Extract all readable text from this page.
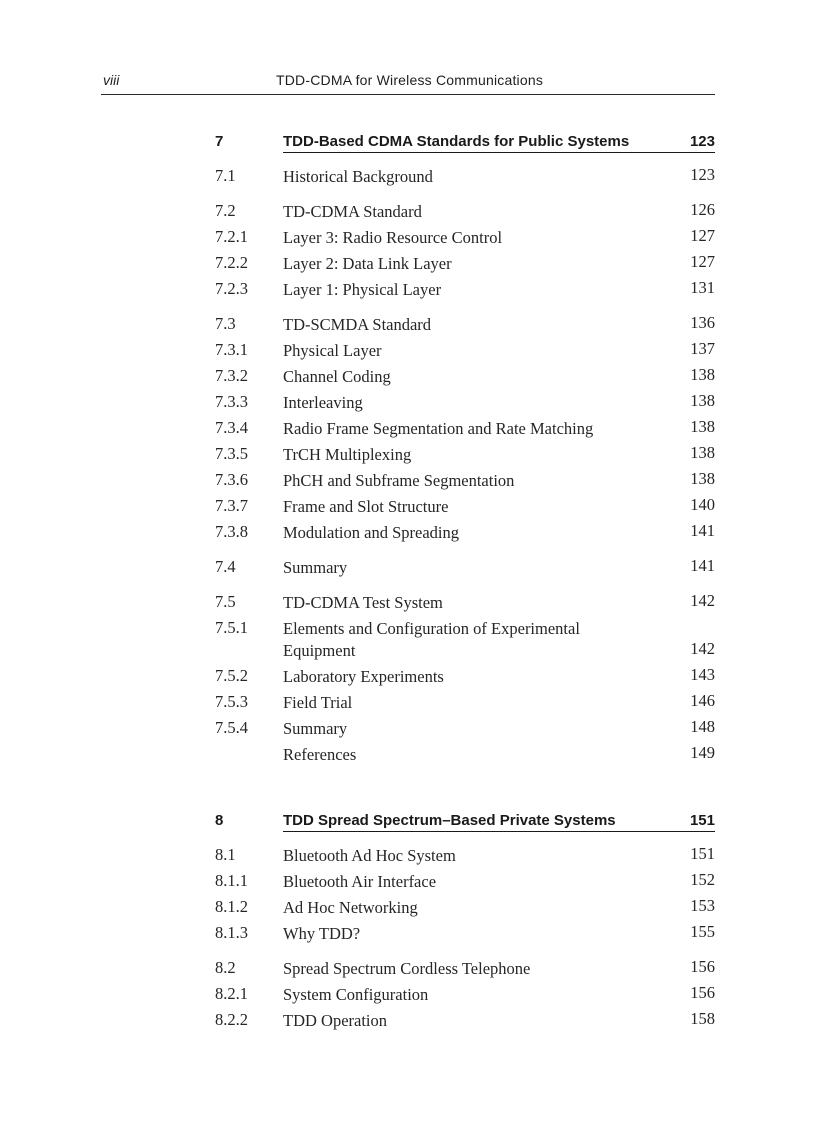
viii	TDD-CDMA for Wireless Communications
7	TDD-Based CDMA Standards for Public Systems	123
7.1	Historical Background	123
7.2	TD-CDMA Standard	126
7.2.1 Layer 3: Radio Resource Control	127
7.2.2 Layer 2: Data Link Layer	127
7.2.3 Layer 1: Physical Layer	131
7.3	TD-SCMDA Standard	136
7.3.1 Physical Layer	137
7.3.2 Channel Coding	138
7.3.3 Interleaving	138
7.3.4 Radio Frame Segmentation and Rate Matching	138
7.3.5 TrCH Multiplexing	138
7.3.6 PhCH and Subframe Segmentation	138
7.3.7 Frame and Slot Structure	140
7.3.8 Modulation and Spreading	141
7.4	Summary	141
7.5	TD-CDMA Test System	142
7.5.1 Elements and Configuration of Experimental Equipment	142
7.5.2 Laboratory Experiments	143
7.5.3 Field Trial	146
7.5.4 Summary	148
References	149
8	TDD Spread Spectrum–Based Private Systems	151
8.1	Bluetooth Ad Hoc System	151
8.1.1 Bluetooth Air Interface	152
8.1.2 Ad Hoc Networking	153
8.1.3 Why TDD?	155
8.2	Spread Spectrum Cordless Telephone	156
8.2.1 System Configuration	156
8.2.2 TDD Operation	158
